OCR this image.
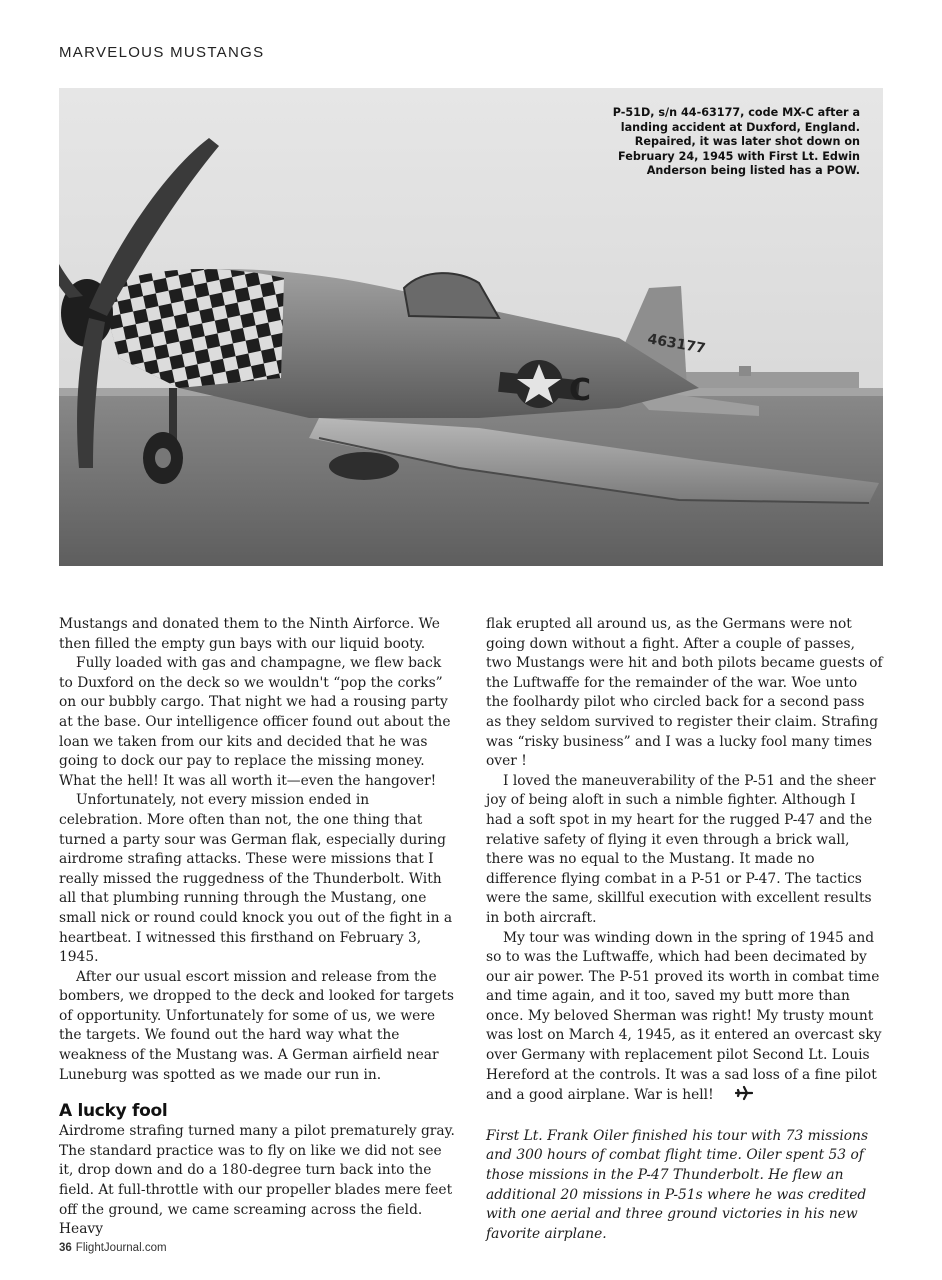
MARVELOUS MUSTANGS
C
463177
P-51D, s/n 44-63177, code MX-C after a landing accident at Duxford, England. Repaired, it was later shot down on February 24, 1945 with First Lt. Edwin Anderson being listed has a POW.

Mustangs and donated them to the Ninth Airforce. We then filled the empty gun bays with our liquid booty.

Fully loaded with gas and champagne, we flew back to Duxford on the deck so we wouldn't “pop the corks” on our bubbly cargo. That night we had a rousing party at the base. Our intelligence officer found out about the loan we taken from our kits and decided that he was going to dock our pay to replace the missing money. What the hell! It was all worth it—even the hangover!

Unfortunately, not every mission ended in celebration. More often than not, the one thing that turned a party sour was German flak, especially during airdrome strafing attacks. These were missions that I really missed the ruggedness of the Thunderbolt. With all that plumbing running through the Mustang, one small nick or round could knock you out of the fight in a heartbeat. I witnessed this firsthand on February 3, 1945.

After our usual escort mission and release from the bombers, we dropped to the deck and looked for targets of opportunity. Unfortunately for some of us, we were the targets. We found out the hard way what the weakness of the Mustang was. A German airfield near Luneburg was spotted as we made our run in.

A lucky fool

Airdrome strafing turned many a pilot prematurely gray. The standard practice was to fly on like we did not see it, drop down and do a 180-degree turn back into the field. At full-throttle with our propeller blades mere feet off the ground, we came screaming across the field. Heavy

flak erupted all around us, as the Germans were not going down without a fight. After a couple of passes, two Mustangs were hit and both pilots became guests of the Luftwaffe for the remainder of the war. Woe unto the foolhardy pilot who circled back for a second pass as they seldom survived to register their claim. Strafing was “risky business” and I was a lucky fool many times over !

I loved the maneuverability of the P-51 and the sheer joy of being aloft in such a nimble fighter. Although I had a soft spot in my heart for the rugged P-47 and the relative safety of flying it even through a brick wall, there was no equal to the Mustang. It made no difference flying combat in a P-51 or P-47. The tactics were the same, skillful execution with excellent results in both aircraft.

My tour was winding down in the spring of 1945 and so to was the Luftwaffe, which had been decimated by our air power. The P-51 proved its worth in combat time and time again, and it too, saved my butt more than once. My beloved Sherman was right! My trusty mount was lost on March 4, 1945, as it entered an overcast sky over Germany with replacement pilot Second Lt. Louis Hereford at the controls. It was a sad loss of a fine pilot and a good airplane. War is hell!

First Lt. Frank Oiler finished his tour with 73 missions and 300 hours of combat flight time. Oiler spent 53 of those missions in the P-47 Thunderbolt. He flew an additional 20 missions in P-51s where he was credited with one aerial and three ground victories in his new favorite airplane.

36 FlightJournal.com
